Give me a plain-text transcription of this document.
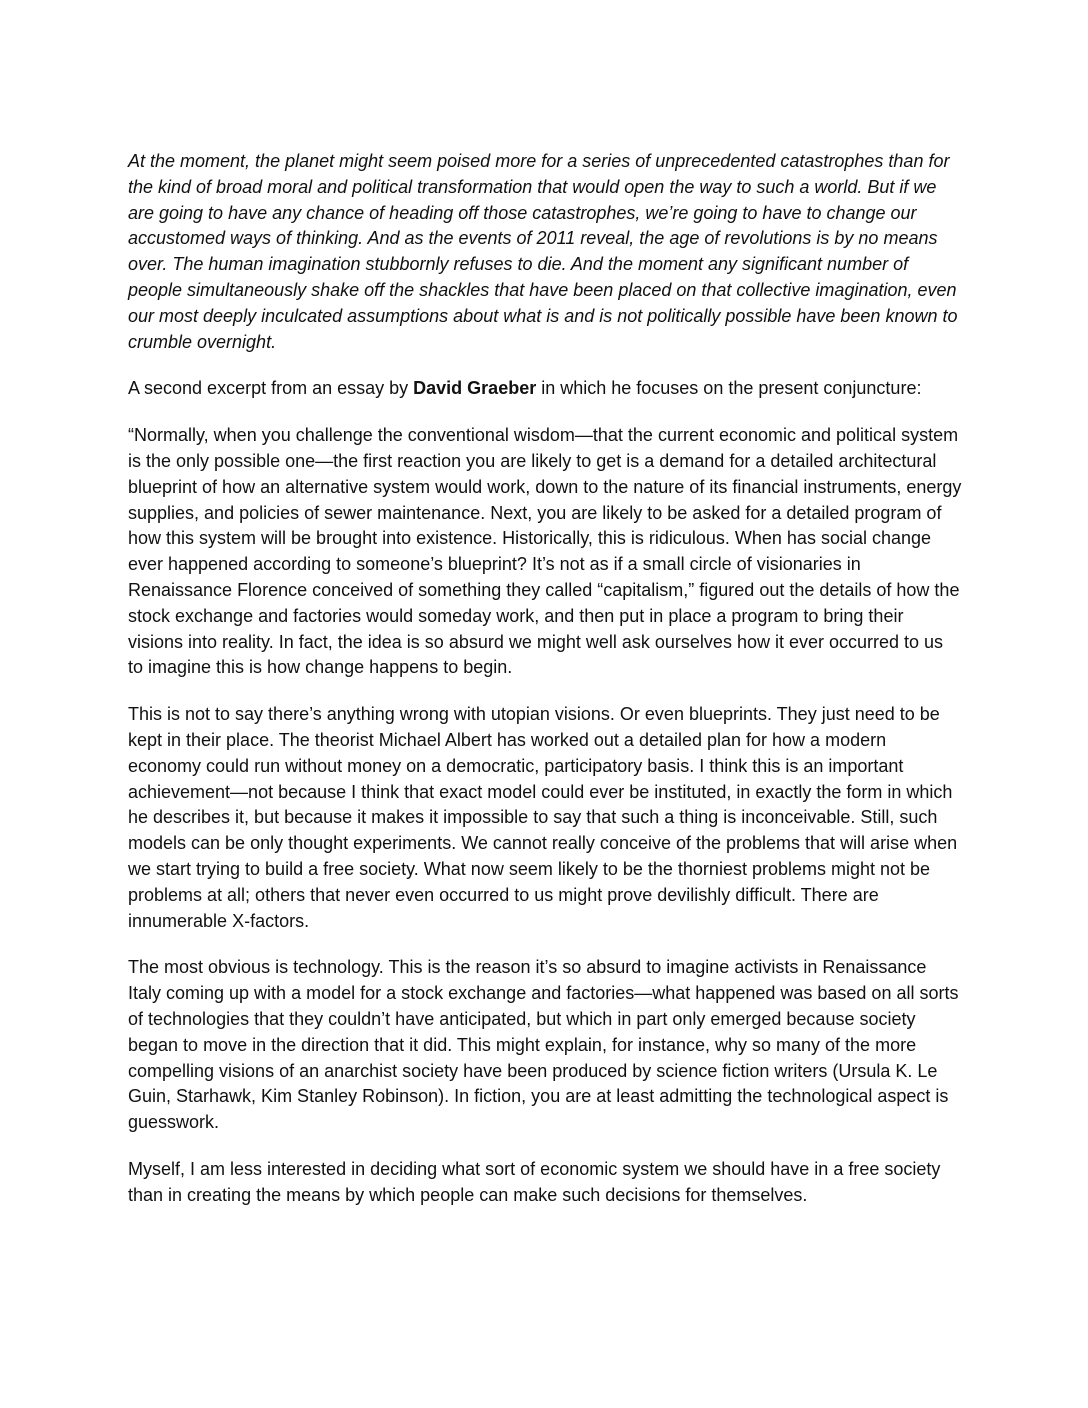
At the moment, the planet might seem poised more for a series of unprecedented catastrophes than for the kind of broad moral and political transformation that would open the way to such a world. But if we are going to have any chance of heading off those catastrophes, we’re going to have to change our accustomed ways of thinking. And as the events of 2011 reveal, the age of revolutions is by no means over. The human imagination stubbornly refuses to die. And the moment any significant number of people simultaneously shake off the shackles that have been placed on that collective imagination, even our most deeply inculcated assumptions about what is and is not politically possible have been known to crumble overnight.

A second excerpt from an essay by David Graeber in which he focuses on the present conjuncture:

“Normally, when you challenge the conventional wisdom—that the current economic and political system is the only possible one—the first reaction you are likely to get is a demand for a detailed architectural blueprint of how an alternative system would work, down to the nature of its financial instruments, energy supplies, and policies of sewer maintenance. Next, you are likely to be asked for a detailed program of how this system will be brought into existence. Historically, this is ridiculous. When has social change ever happened according to someone’s blueprint? It’s not as if a small circle of visionaries in Renaissance Florence conceived of something they called “capitalism,” figured out the details of how the stock exchange and factories would someday work, and then put in place a program to bring their visions into reality. In fact, the idea is so absurd we might well ask ourselves how it ever occurred to us to imagine this is how change happens to begin.

This is not to say there’s anything wrong with utopian visions. Or even blueprints. They just need to be kept in their place. The theorist Michael Albert has worked out a detailed plan for how a modern economy could run without money on a democratic, participatory basis. I think this is an important achievement—not because I think that exact model could ever be instituted, in exactly the form in which he describes it, but because it makes it impossible to say that such a thing is inconceivable. Still, such models can be only thought experiments. We cannot really conceive of the problems that will arise when we start trying to build a free society. What now seem likely to be the thorniest problems might not be problems at all; others that never even occurred to us might prove devilishly difficult. There are innumerable X-factors.

The most obvious is technology. This is the reason it’s so absurd to imagine activists in Renaissance Italy coming up with a model for a stock exchange and factories—what happened was based on all sorts of technologies that they couldn’t have anticipated, but which in part only emerged because society began to move in the direction that it did. This might explain, for instance, why so many of the more compelling visions of an anarchist society have been produced by science fiction writers (Ursula K. Le Guin, Starhawk, Kim Stanley Robinson). In fiction, you are at least admitting the technological aspect is guesswork.

Myself, I am less interested in deciding what sort of economic system we should have in a free society than in creating the means by which people can make such decisions for themselves.
